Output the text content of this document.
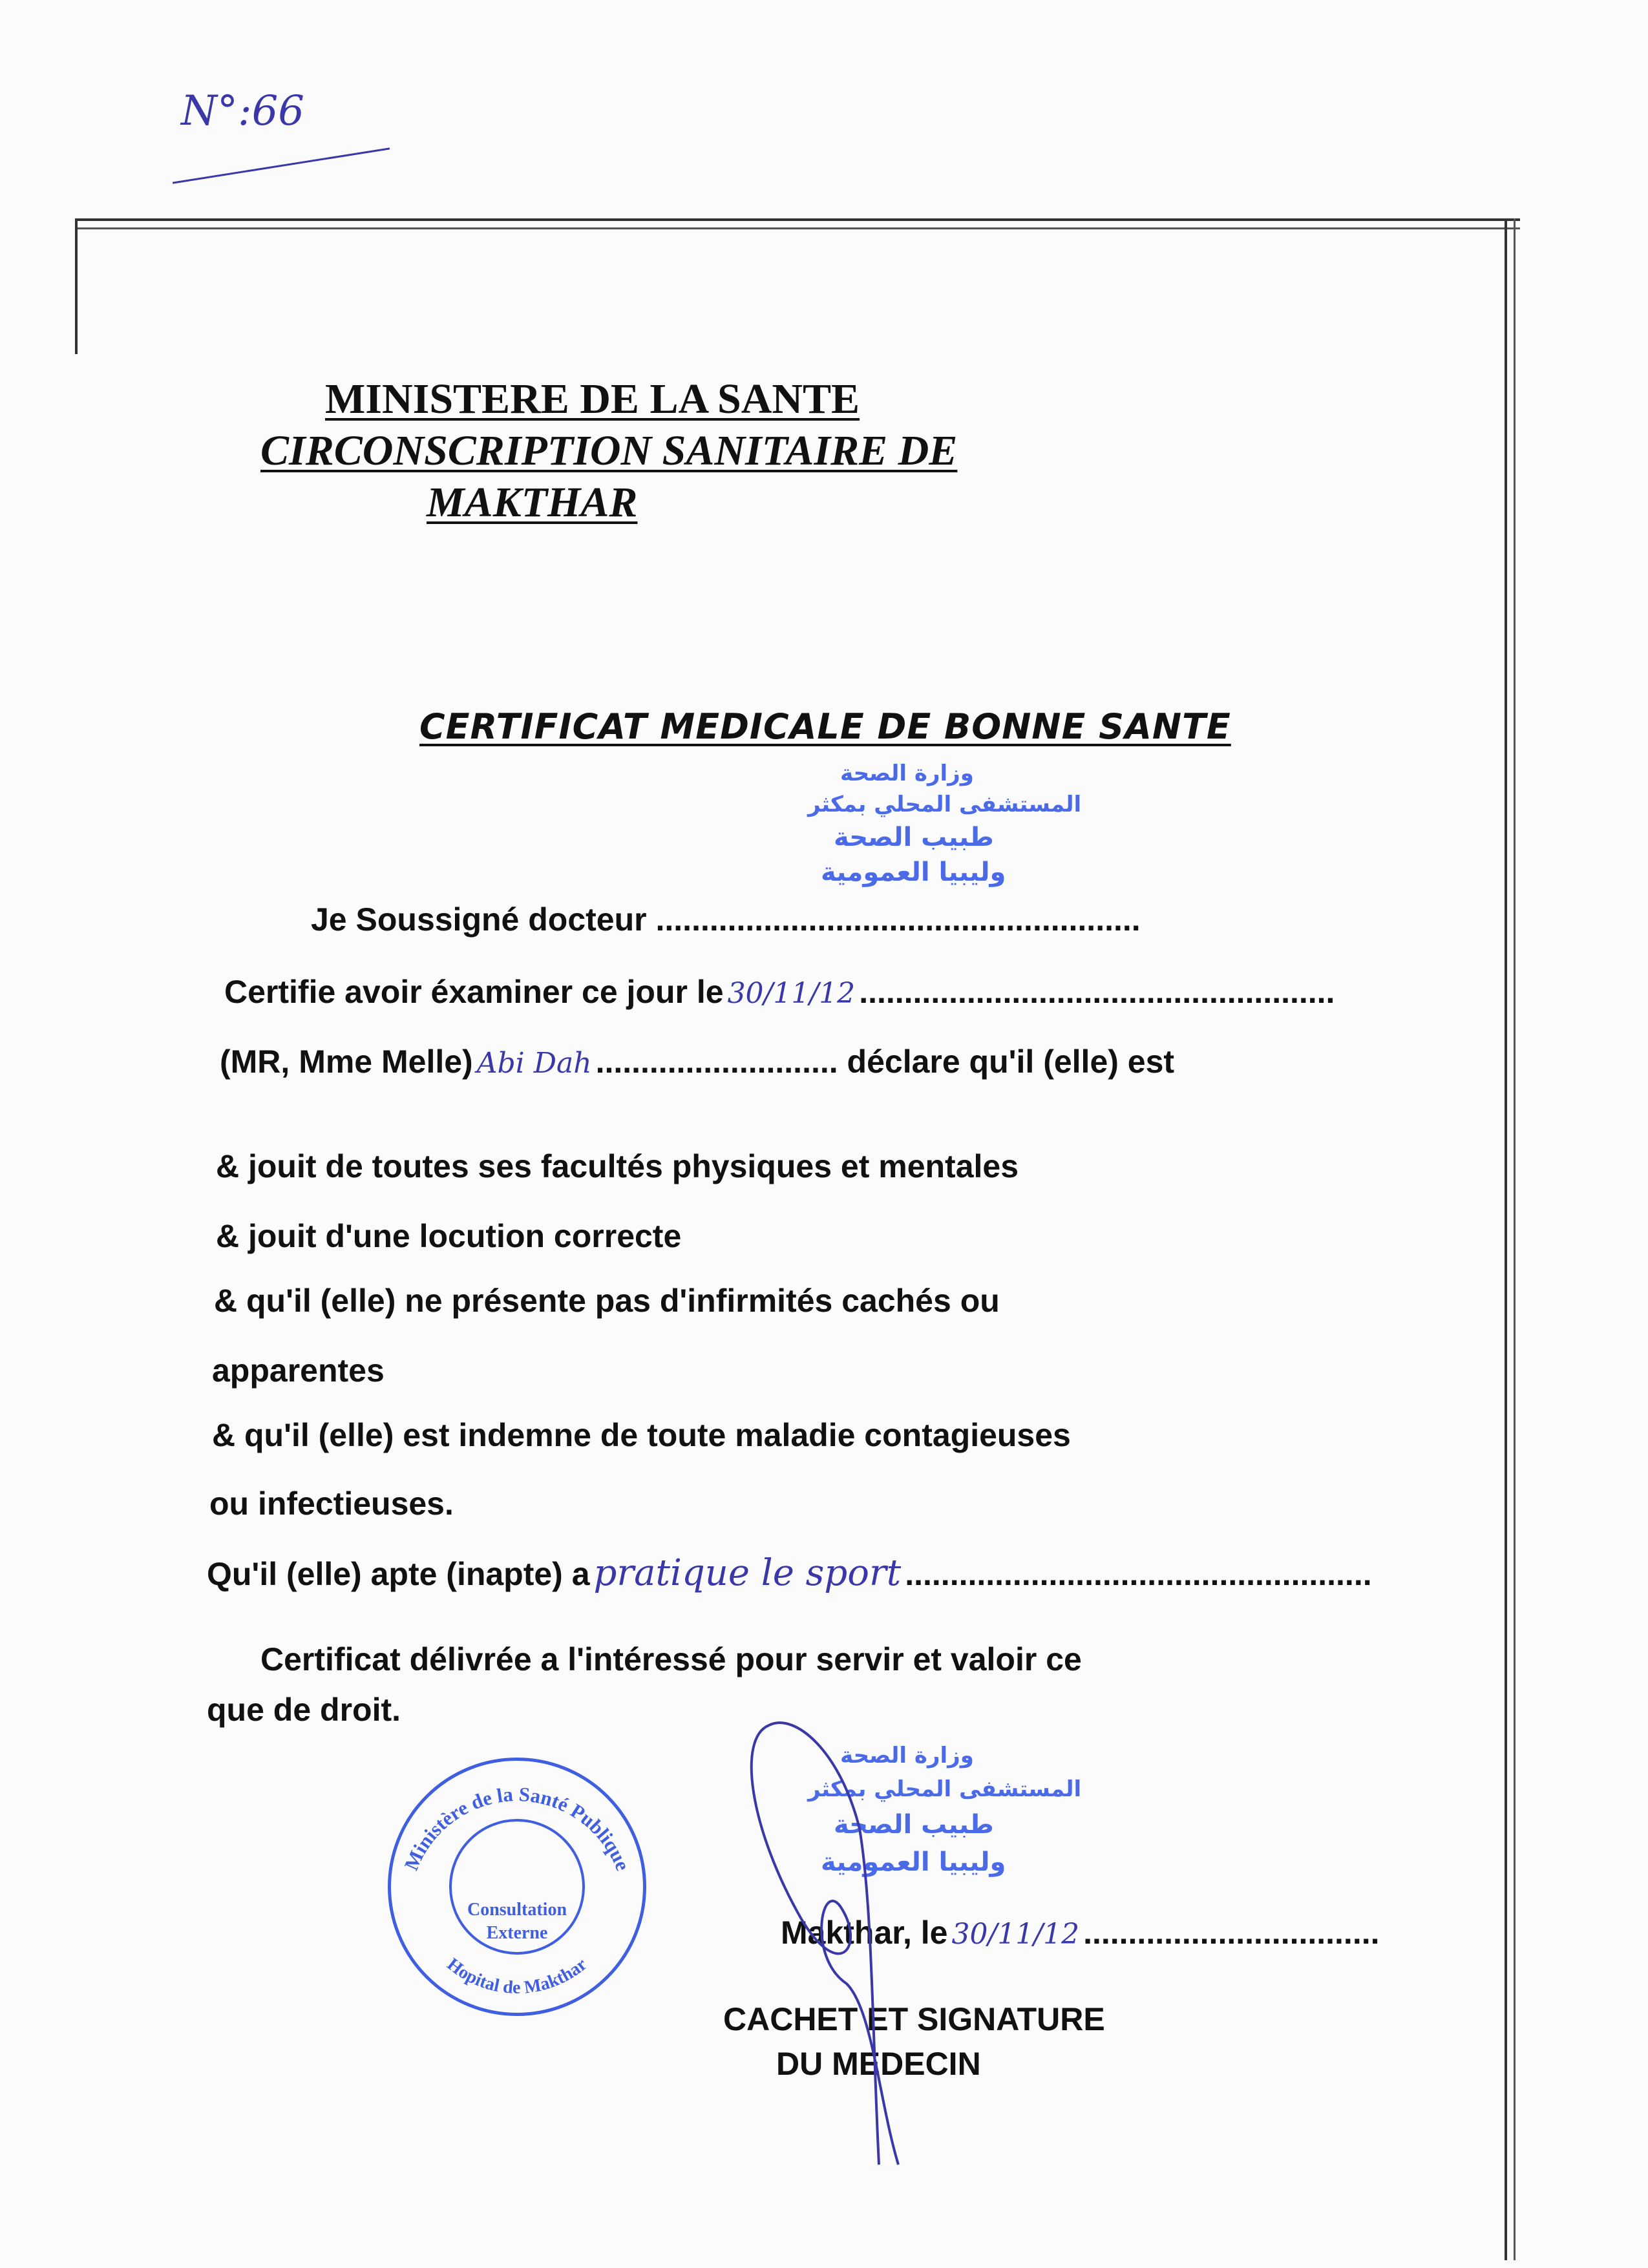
N°:66
MINISTERE DE LA SANTE
CIRCONSCRIPTION SANITAIRE DE
MAKTHAR
CERTIFICAT MEDICALE DE BONNE SANTE
وزارة الصحة
المستشفى المحلي بمكثر
طبيب الصحة
وليبيا العمومية
Je Soussigné docteur ......................................................
Certifie avoir éxaminer ce jour le 30/11/12 .....................................................
(MR, Mme Melle) Abi Dah ........................... déclare qu'il (elle) est
& jouit de toutes ses facultés physiques et mentales
& jouit d'une locution correcte
& qu'il (elle) ne présente pas d'infirmités cachés ou
apparentes
& qu'il (elle) est indemne de toute maladie contagieuses
ou infectieuses.
Qu'il (elle) apte (inapte) a pratique le sport ....................................................
Certificat délivrée a l'intéressé pour servir et valoir ce
que de droit.
Ministère de la Santé Publique
Hopital de Makthar
Consultation
Externe
وزارة الصحة
المستشفى المحلي بمكثر
طبيب الصحة
وليبيا العمومية
Makthar, le 30/11/12 .................................
CACHET ET SIGNATURE
DU MEDECIN
